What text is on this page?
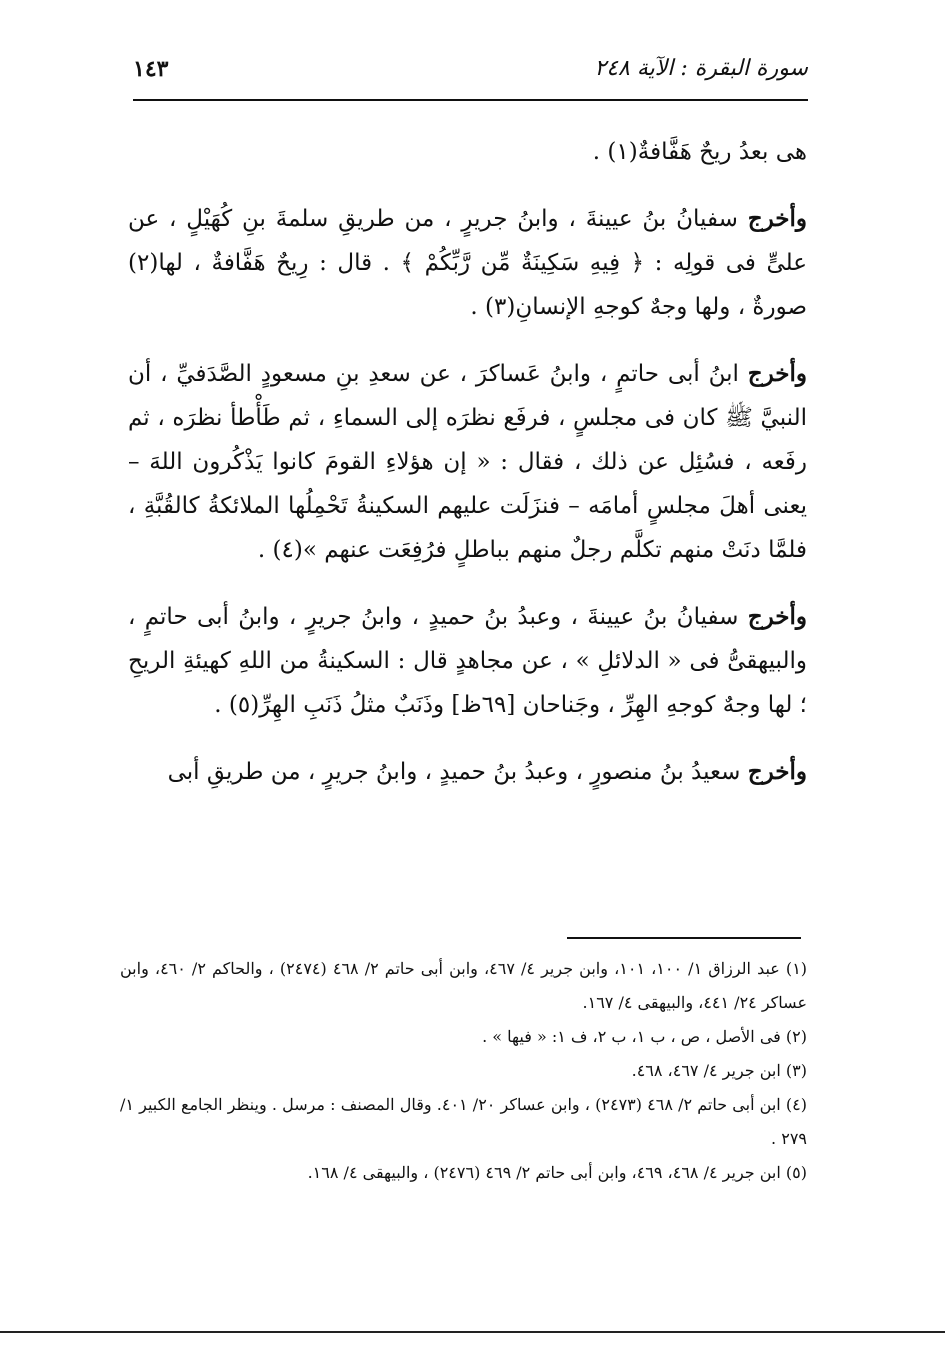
سورة البقرة : الآية ٢٤٨
١٤٣

هى بعدُ ريحٌ هَفَّافةٌ(١) .

وأخرج سفيانُ بنُ عيينةَ ، وابنُ جريرٍ ، من طريقِ سلمةَ بنِ كُهَيْلٍ ، عن علىٍّ فى قولِه : ﴿ فِيهِ سَكِينَةٌ مِّن رَّبِّكُمْ ﴾ . قال : رِيحٌ هَفَّافةٌ ، لها(٢) صورةٌ ، ولها وجهٌ كوجهِ الإنسانِ(٣) .

وأخرج ابنُ أبى حاتمٍ ، وابنُ عَساكرَ ، عن سعدِ بنِ مسعودٍ الصَّدَفيِّ ، أن النبيَّ ﷺ كان فى مجلسٍ ، فرفَع نظرَه إلى السماءِ ، ثم طَأْطأ نظرَه ، ثم رفَعه ، فسُئِل عن ذلك ، فقال : « إن هؤلاءِ القومَ كانوا يَذْكُرون اللهَ – يعنى أهلَ مجلسٍ أمامَه – فنزَلَت عليهم السكينةُ تَحْمِلُها الملائكةُ كالقُبَّةِ ، فلمَّا دنَتْ منهم تكلَّم رجلٌ منهم بباطلٍ فرُفِعَت عنهم »(٤) .

وأخرج سفيانُ بنُ عيينةَ ، وعبدُ بنُ حميدٍ ، وابنُ جريرٍ ، وابنُ أبى حاتمٍ ، والبيهقىُّ فى « الدلائلِ » ، عن مجاهدٍ قال : السكينةُ من اللهِ كهيئةِ الريحِ ؛ لها وجهٌ كوجهِ الهِرِّ ، وجَناحان [٦٩ظ] وذَنَبٌ مثلُ ذَنَبِ الهِرِّ(٥) .

وأخرج سعيدُ بنُ منصورٍ ، وعبدُ بنُ حميدٍ ، وابنُ جريرٍ ، من طريقِ أبى

(١) عبد الرزاق ١/ ١٠٠، ١٠١، وابن جرير ٤/ ٤٦٧، وابن أبى حاتم ٢/ ٤٦٨ (٢٤٧٤) ، والحاكم ٢/ ٤٦٠، وابن عساكر ٢٤/ ٤٤١، والبيهقى ٤/ ١٦٧.

(٢) فى الأصل ، ص ، ب ١، ب ٢، ف ١: « فيها » .

(٣) ابن جرير ٤/ ٤٦٧، ٤٦٨.

(٤) ابن أبى حاتم ٢/ ٤٦٨ (٢٤٧٣) ، وابن عساكر ٢٠/ ٤٠١. وقال المصنف : مرسل . وينظر الجامع الكبير ١/ ٢٧٩ .

(٥) ابن جرير ٤/ ٤٦٨، ٤٦٩، وابن أبى حاتم ٢/ ٤٦٩ (٢٤٧٦) ، والبيهقى ٤/ ١٦٨.
